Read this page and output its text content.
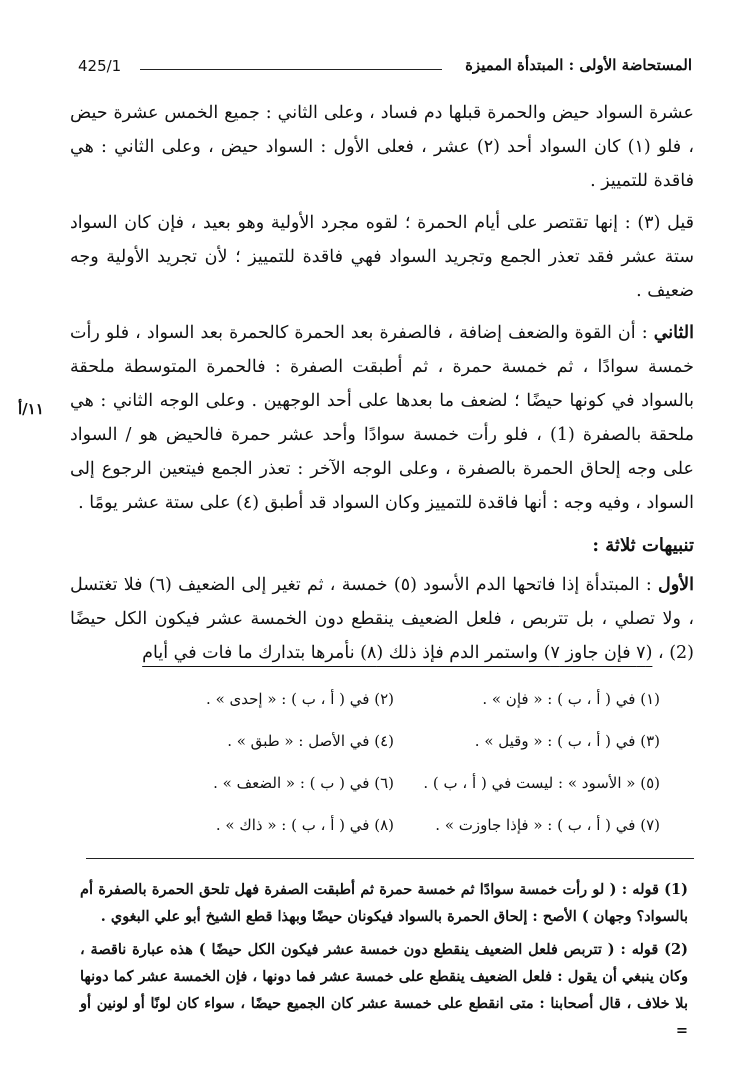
المستحاضة الأولى : المبتدأة المميزة
425/1
۱۱/أ

عشرة السواد حيض والحمرة قبلها دم فساد ، وعلى الثاني : جميع الخمس عشرة حيض ، فلو (١) كان السواد أحد (٢) عشر ، فعلى الأول : السواد حيض ، وعلى الثاني : هي فاقدة للتمييز .

قيل (٣) : إنها تقتصر على أيام الحمرة ؛ لقوه مجرد الأولية وهو بعيد ، فإن كان السواد ستة عشر فقد تعذر الجمع وتجريد السواد فهي فاقدة للتمييز ؛ لأن تجريد الأولية وجه ضعيف .

الثاني : أن القوة والضعف إضافة ، فالصفرة بعد الحمرة كالحمرة بعد السواد ، فلو رأت خمسة سوادًا ، ثم خمسة حمرة ، ثم أطبقت الصفرة : فالحمرة المتوسطة ملحقة بالسواد في كونها حيضًا ؛ لضعف ما بعدها على أحد الوجهين . وعلى الوجه الثاني : هي ملحقة بالصفرة (1) ، فلو رأت خمسة سوادًا وأحد عشر حمرة فالحيض هو / السواد على وجه إلحاق الحمرة بالصفرة ، وعلى الوجه الآخر : تعذر الجمع فيتعين الرجوع إلى السواد ، وفيه وجه : أنها فاقدة للتمييز وكان السواد قد أطبق (٤) على ستة عشر يومًا .

تنبيهات ثلاثة :

الأول : المبتدأة إذا فاتحها الدم الأسود (٥) خمسة ، ثم تغير إلى الضعيف (٦) فلا تغتسل ، ولا تصلي ، بل تتربص ، فلعل الضعيف ينقطع دون الخمسة عشر فيكون الكل حيضًا (2) ، (٧ فإن جاوز ٧) واستمر الدم فإذ ذلك (٨) نأمرها بتدارك ما فات في أيام

(١) في ( أ ، ب ) : « فإن » .
(٢) في ( أ ، ب ) : « إحدى » .
(٣) في ( أ ، ب ) : « وقيل » .
(٤) في الأصل : « طبق » .
(٥) « الأسود » : ليست في ( أ ، ب ) .
(٦) في ( ب ) : « الضعف » .
(٧) في ( أ ، ب ) : « فإذا جاوزت » .
(٨) في ( أ ، ب ) : « ذاك » .

(1) قوله : ( لو رأت خمسة سوادًا ثم خمسة حمرة ثم أطبقت الصفرة فهل تلحق الحمرة بالصفرة أم بالسواد؟ وجهان ) الأصح : إلحاق الحمرة بالسواد فيكونان حيضًا وبهذا قطع الشيخ أبو علي البغوي .

(2) قوله : ( تتربص فلعل الضعيف ينقطع دون خمسة عشر فيكون الكل حيضًا ) هذه عبارة ناقصة ، وكان ينبغي أن يقول : فلعل الضعيف ينقطع على خمسة عشر فما دونها ، فإن الخمسة عشر كما دونها بلا خلاف ، قال أصحابنا : متى انقطع على خمسة عشر كان الجميع حيضًا ، سواء كان لونًا أو لونين أو =
